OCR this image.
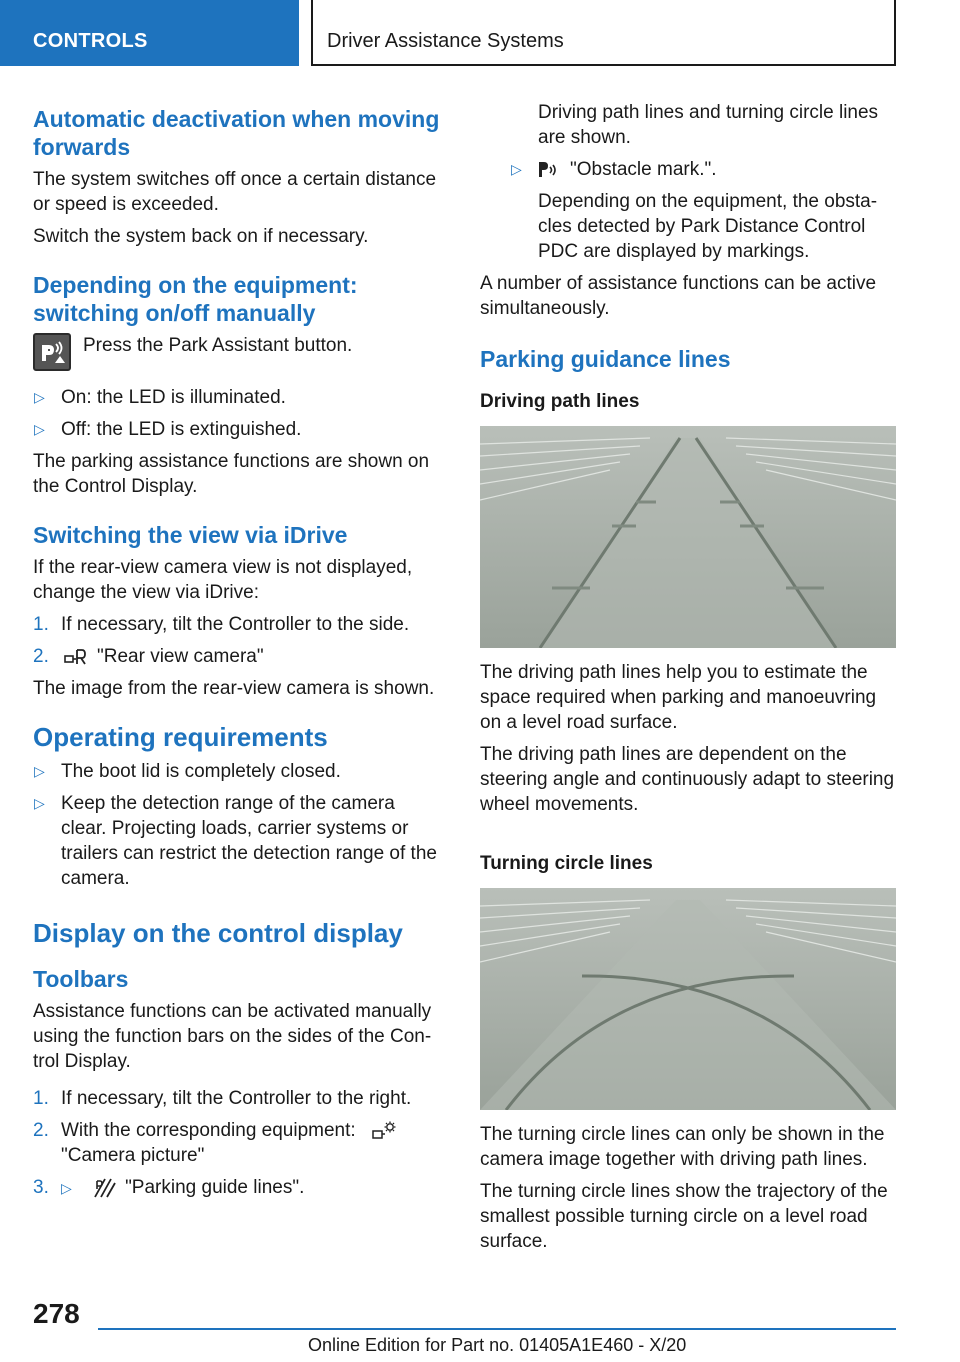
CONTROLS	Driver Assistance Systems
Automatic deactivation when moving forwards

The system switches off once a certain distance or speed is exceeded.

Switch the system back on if necessary.

Depending on the equipment: switching on/off manually
Press the Park Assistant button.
▷ On: the LED is illuminated.
▷ Off: the LED is extinguished.

The parking assistance functions are shown on the Control Display.

Switching the view via iDrive

If the rear-view camera view is not displayed, change the view via iDrive:

1. If necessary, tilt the Controller to the side.
2.	"Rear view camera"

The image from the rear-view camera is shown.

Operating requirements
▷ The boot lid is completely closed.
▷ Keep the detection range of the camera clear. Projecting loads, carrier systems or trailers can restrict the detection range of the camera.
Display on the control display
Toolbars

Assistance functions can be activated manually using the function bars on the sides of the Control Display.

1. If necessary, tilt the Controller to the right.
2. With the corresponding equipment:
"Camera picture"
3. ▷	"Parking guide lines".

Driving path lines and turning circle lines are shown.

▷	"Obstacle mark.".

Depending on the equipment, the obstacles detected by Park Distance Control PDC are displayed by markings.

A number of assistance functions can be active simultaneously.

Parking guidance lines
Driving path lines

The driving path lines help you to estimate the space required when parking and manoeuvring on a level road surface.

The driving path lines are dependent on the steering angle and continuously adapt to steering wheel movements.

Turning circle lines

The turning circle lines can only be shown in the camera image together with driving path lines.

The turning circle lines show the trajectory of the smallest possible turning circle on a level road surface.

278
Online Edition for Part no. 01405A1E460 - X/20
